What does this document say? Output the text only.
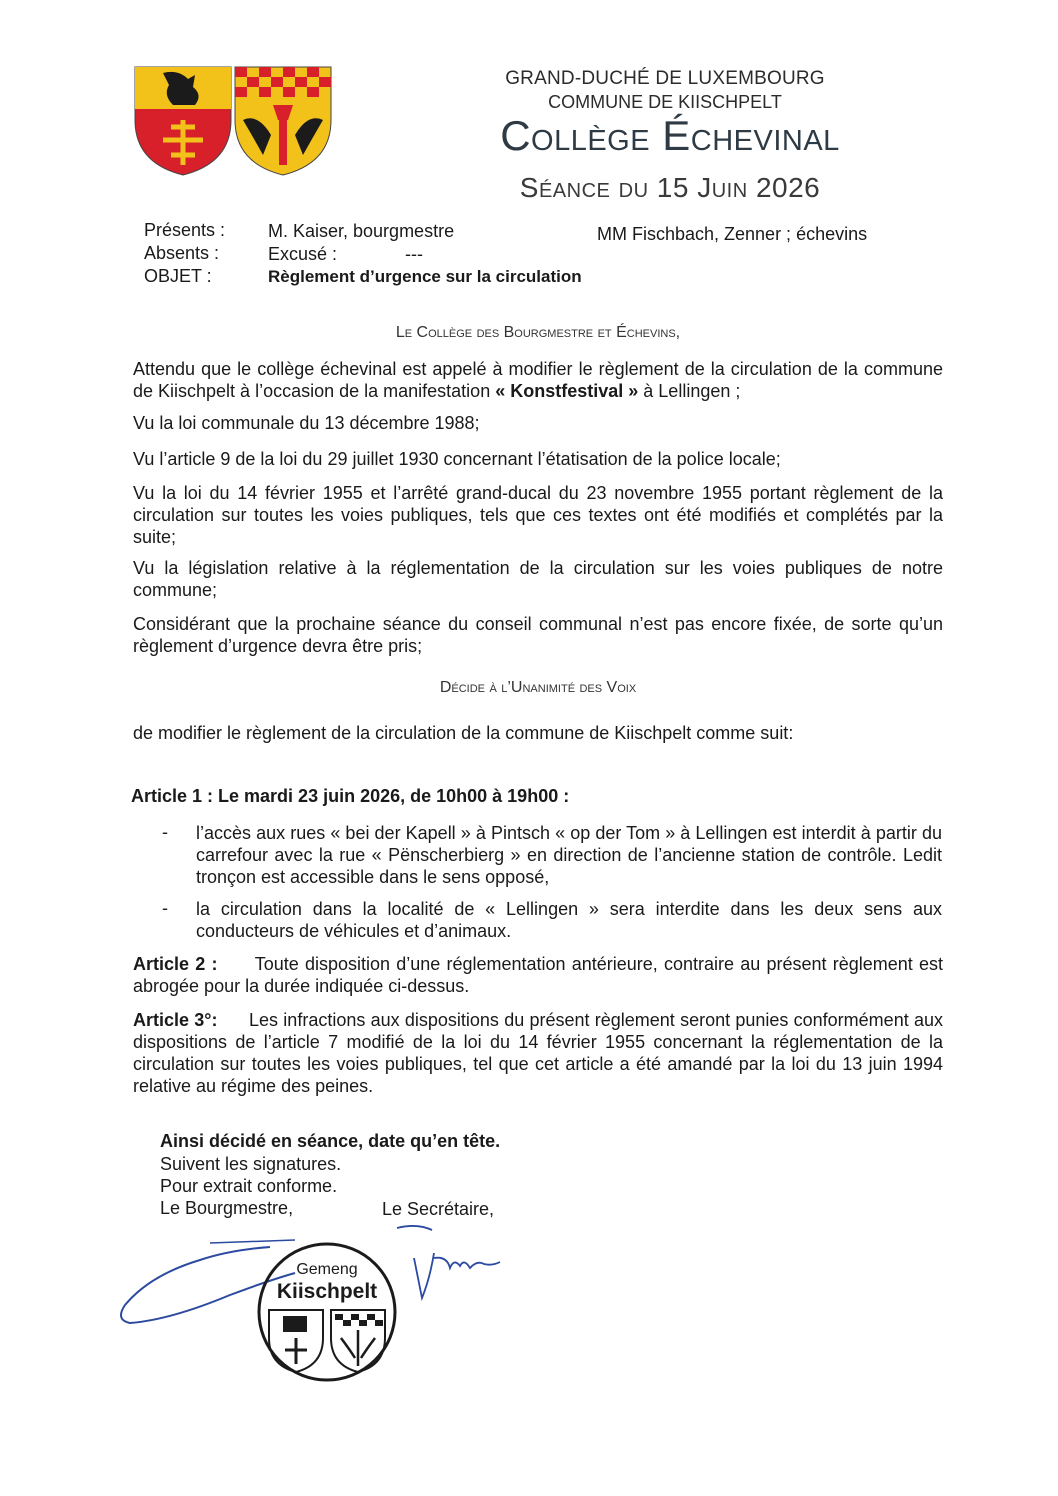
GRAND-DUCHÉ DE LUXEMBOURG
COMMUNE DE KIISCHPELT
Collège Échevinal
Séance du 15 Juin 2026
Présents : M. Kaiser, bourgmestre	MM Fischbach, Zenner ; échevins
Absents :	Excusé :	---
OBJET :	Règlement d’urgence sur la circulation
Le Collège des Bourgmestre et Échevins,
Attendu que le collège échevinal est appelé à modifier le règlement de la circulation de la commune de Kiischpelt à l’occasion de la manifestation « Konstfestival » à Lellingen ;
Vu la loi communale du 13 décembre 1988;
Vu l’article 9 de la loi du 29 juillet 1930 concernant l’étatisation de la police locale;
Vu la loi du 14 février 1955 et l’arrêté grand-ducal du 23 novembre 1955 portant règlement de la circulation sur toutes les voies publiques, tels que ces textes ont été modifiés et complétés par la suite;
Vu la législation relative à la réglementation de la circulation sur les voies publiques de notre commune;
Considérant que la prochaine séance du conseil communal n’est pas encore fixée, de sorte qu’un règlement d’urgence devra être pris;
Décide à l’Unanimité des Voix
de modifier le règlement de la circulation de la commune de Kiischpelt comme suit:
Article 1 : Le mardi 23 juin 2026, de 10h00 à 19h00 :
- l’accès aux rues « bei der Kapell » à Pintsch « op der Tom » à Lellingen est interdit à partir du carrefour avec la rue « Pënscherbierg » en direction de l’ancienne station de contrôle. Ledit tronçon est accessible dans le sens opposé,
- la circulation dans la localité de « Lellingen » sera interdite dans les deux sens aux conducteurs de véhicules et d’animaux.
Article 2 : Toute disposition d’une réglementation antérieure, contraire au présent règlement est abrogée pour la durée indiquée ci-dessus.
Article 3°: Les infractions aux dispositions du présent règlement seront punies conformément aux dispositions de l’article 7 modifié de la loi du 14 février 1955 concernant la réglementation de la circulation sur toutes les voies publiques, tel que cet article a été amandé par la loi du 13 juin 1994 relative au régime des peines.
Ainsi décidé en séance, date qu’en tête.
Suivent les signatures.
Pour extrait conforme.
Le Bourgmestre,	Le Secrétaire,
Gemeng
Kiischpelt
